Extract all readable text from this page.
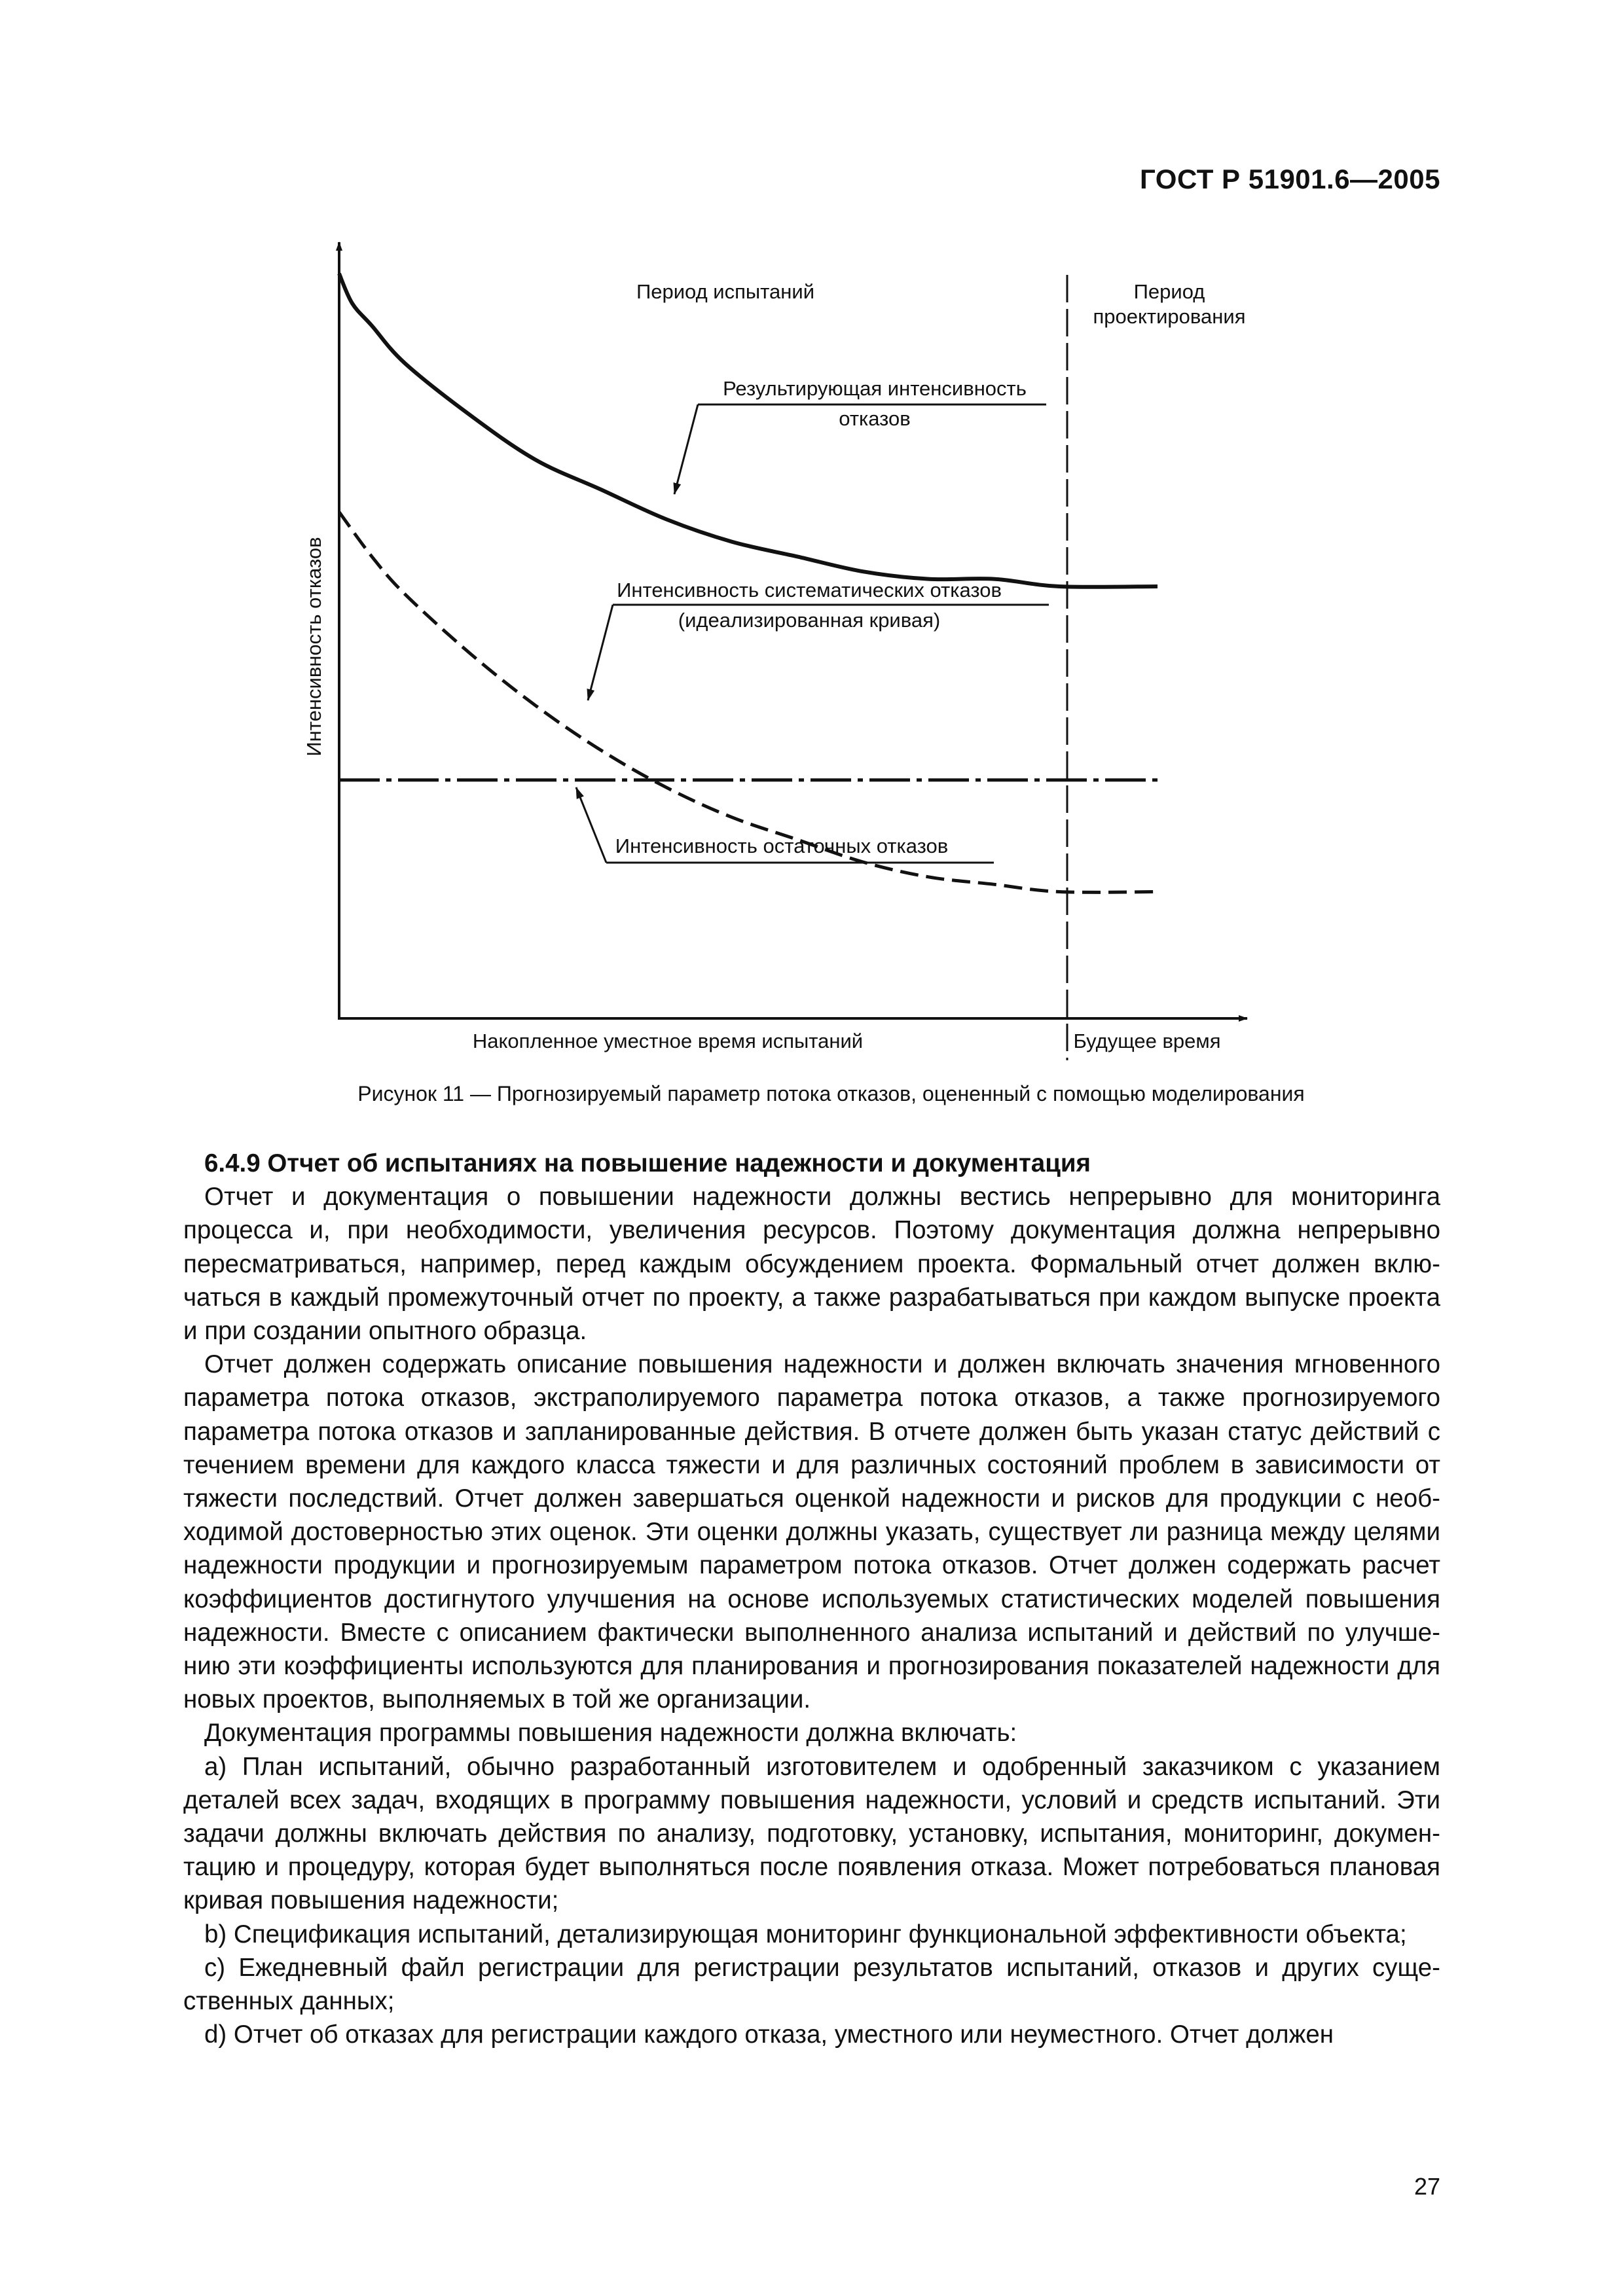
ГОСТ Р 51901.6—2005
Период испытаний	Период
проектирования
Результирующая интенсивность
отказов
Интенсивность систематических отказов
(идеализированная кривая)
Интенсивность остаточных отказов
Интенсивность отказов
Накопленное уместное время испытаний	Будущее время
Рисунок 11 — Прогнозируемый параметр потока отказов, оцененный с помощью моделирования

6.4.9 Отчет об испытаниях на повышение надежности и документация

Отчет и документация о повышении надежности должны вестись непрерывно для мониторинга процесса и, при необходимости, увеличения ресурсов. Поэтому документация должна непрерывно пересматриваться, например, перед каждым обсуждением проекта. Формальный отчет должен включаться в каждый промежуточный отчет по проекту, а также разрабатываться при каждом выпуске проекта и при создании опытного образца.

Отчет должен содержать описание повышения надежности и должен включать значения мгновенного параметра потока отказов, экстраполируемого параметра потока отказов, а также прогнозируемого параметра потока отказов и запланированные действия. В отчете должен быть указан статус действий с течением времени для каждого класса тяжести и для различных состояний проблем в зависимости от тяжести последствий. Отчет должен завершаться оценкой надежности и рисков для продукции с необходимой достоверностью этих оценок. Эти оценки должны указать, существует ли разница между целями надежности продукции и прогнозируемым параметром потока отказов. Отчет должен содержать расчет коэффициентов достигнутого улучшения на основе используемых статистических моделей повышения надежности. Вместе с описанием фактически выполненного анализа испытаний и действий по улучшению эти коэффициенты используются для планирования и прогнозирования показателей надежности для новых проектов, выполняемых в той же организации.

Документация программы повышения надежности должна включать:

a) План испытаний, обычно разработанный изготовителем и одобренный заказчиком с указанием деталей всех задач, входящих в программу повышения надежности, условий и средств испытаний. Эти задачи должны включать действия по анализу, подготовку, установку, испытания, мониторинг, документацию и процедуру, которая будет выполняться после появления отказа. Может потребоваться плановая кривая повышения надежности;

b) Спецификация испытаний, детализирующая мониторинг функциональной эффективности объекта;

c) Ежедневный файл регистрации для регистрации результатов испытаний, отказов и других существенных данных;

d) Отчет об отказах для регистрации каждого отказа, уместного или неуместного. Отчет должен

27
